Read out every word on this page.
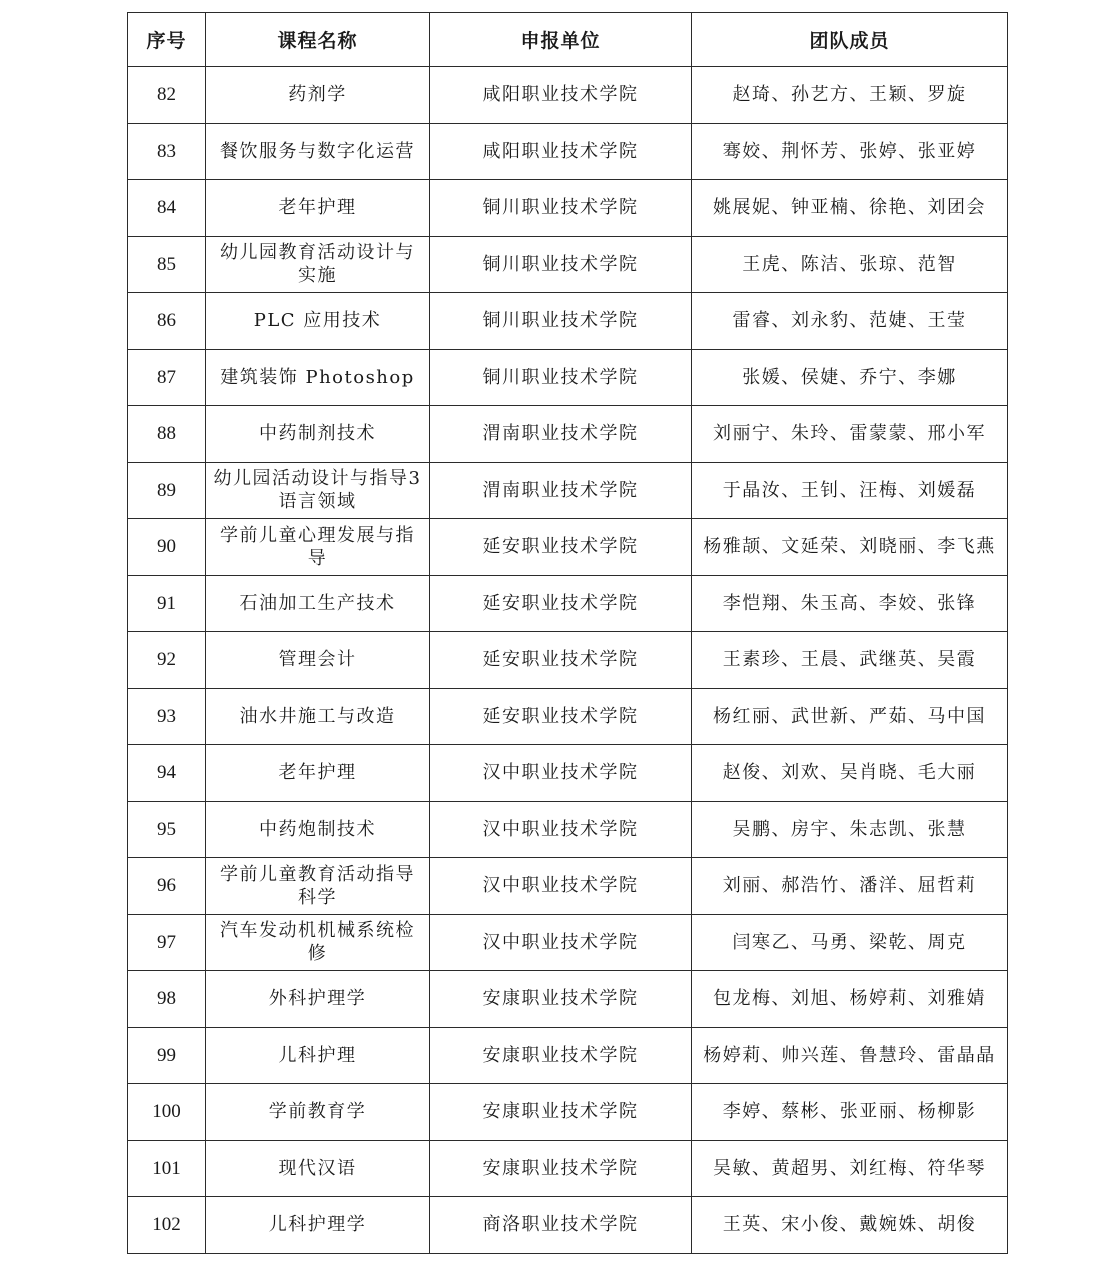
序号	课程名称	申报单位	团队成员
82	药剂学	咸阳职业技术学院	赵琦、孙艺方、王颖、罗旋
83	餐饮服务与数字化运营	咸阳职业技术学院	骞姣、荆怀芳、张婷、张亚婷
84	老年护理	铜川职业技术学院	姚展妮、钟亚楠、徐艳、刘团会
85	幼儿园教育活动设计与实施	铜川职业技术学院	王虎、陈洁、张琼、范智
86	PLC 应用技术	铜川职业技术学院	雷睿、刘永豹、范婕、王莹
87	建筑装饰 Photoshop	铜川职业技术学院	张媛、侯婕、乔宁、李娜
88	中药制剂技术	渭南职业技术学院	刘丽宁、朱玲、雷蒙蒙、邢小军
89	幼儿园活动设计与指导3语言领域	渭南职业技术学院	于晶汝、王钊、汪梅、刘媛磊
90	学前儿童心理发展与指导	延安职业技术学院	杨雅颉、文延荣、刘晓丽、李飞燕
91	石油加工生产技术	延安职业技术学院	李恺翔、朱玉高、李姣、张锋
92	管理会计	延安职业技术学院	王素珍、王晨、武继英、吴霞
93	油水井施工与改造	延安职业技术学院	杨红丽、武世新、严茹、马中国
94	老年护理	汉中职业技术学院	赵俊、刘欢、吴肖晓、毛大丽
95	中药炮制技术	汉中职业技术学院	吴鹏、房宇、朱志凯、张慧
96	学前儿童教育活动指导科学	汉中职业技术学院	刘丽、郝浩竹、潘洋、屈哲莉
97	汽车发动机机械系统检修	汉中职业技术学院	闫寒乙、马勇、梁乾、周克
98	外科护理学	安康职业技术学院	包龙梅、刘旭、杨婷莉、刘雅婧
99	儿科护理	安康职业技术学院	杨婷莉、帅兴莲、鲁慧玲、雷晶晶
100	学前教育学	安康职业技术学院	李婷、蔡彬、张亚丽、杨柳影
101	现代汉语	安康职业技术学院	吴敏、黄超男、刘红梅、符华琴
102	儿科护理学	商洛职业技术学院	王英、宋小俊、戴婉姝、胡俊
